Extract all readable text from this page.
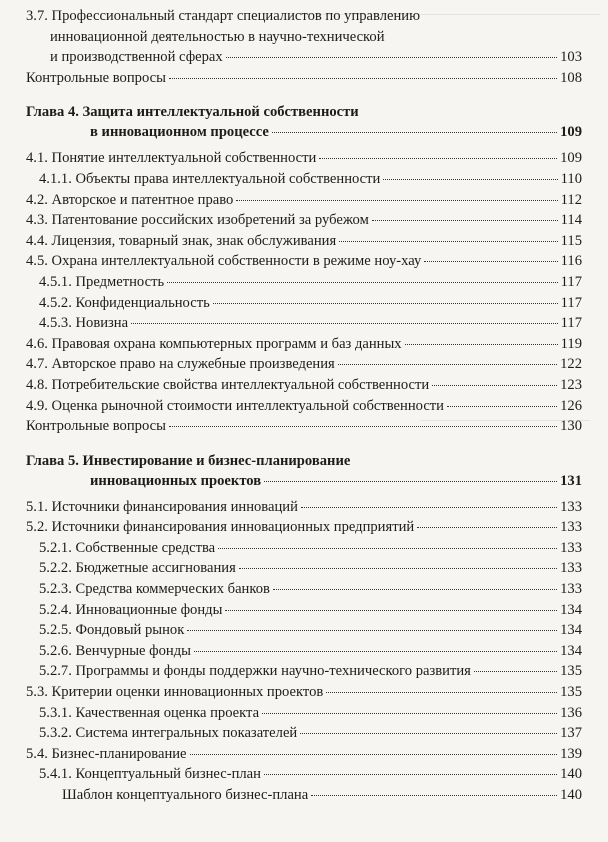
3.7. Профессиональный стандарт специалистов по управлению
инновационной деятельностью в научно-технической
и производственной сферах	103
Контрольные вопросы	108
Глава 4. Защита интеллектуальной собственности
в инновационном процессе	109
4.1. Понятие интеллектуальной собственности	109
4.1.1. Объекты права интеллектуальной собственности	110
4.2. Авторское и патентное право	112
4.3. Патентование российских изобретений за рубежом	114
4.4. Лицензия, товарный знак, знак обслуживания	115
4.5. Охрана интеллектуальной собственности в режиме ноу-хау	116
4.5.1. Предметность	117
4.5.2. Конфиденциальность	117
4.5.3. Новизна	117
4.6. Правовая охрана компьютерных программ и баз данных	119
4.7. Авторское право на служебные произведения	122
4.8. Потребительские свойства интеллектуальной собственности	123
4.9. Оценка рыночной стоимости интеллектуальной собственности	126
Контрольные вопросы	130
Глава 5. Инвестирование и бизнес-планирование
инновационных проектов	131
5.1. Источники финансирования инноваций	133
5.2. Источники финансирования инновационных предприятий	133
5.2.1. Собственные средства	133
5.2.2. Бюджетные ассигнования	133
5.2.3. Средства коммерческих банков	133
5.2.4. Инновационные фонды	134
5.2.5. Фондовый рынок	134
5.2.6. Венчурные фонды	134
5.2.7. Программы и фонды поддержки научно-технического развития	135
5.3. Критерии оценки инновационных проектов	135
5.3.1. Качественная оценка проекта	136
5.3.2. Система интегральных показателей	137
5.4. Бизнес-планирование	139
5.4.1. Концептуальный бизнес-план	140
Шаблон концептуального бизнес-плана	140
